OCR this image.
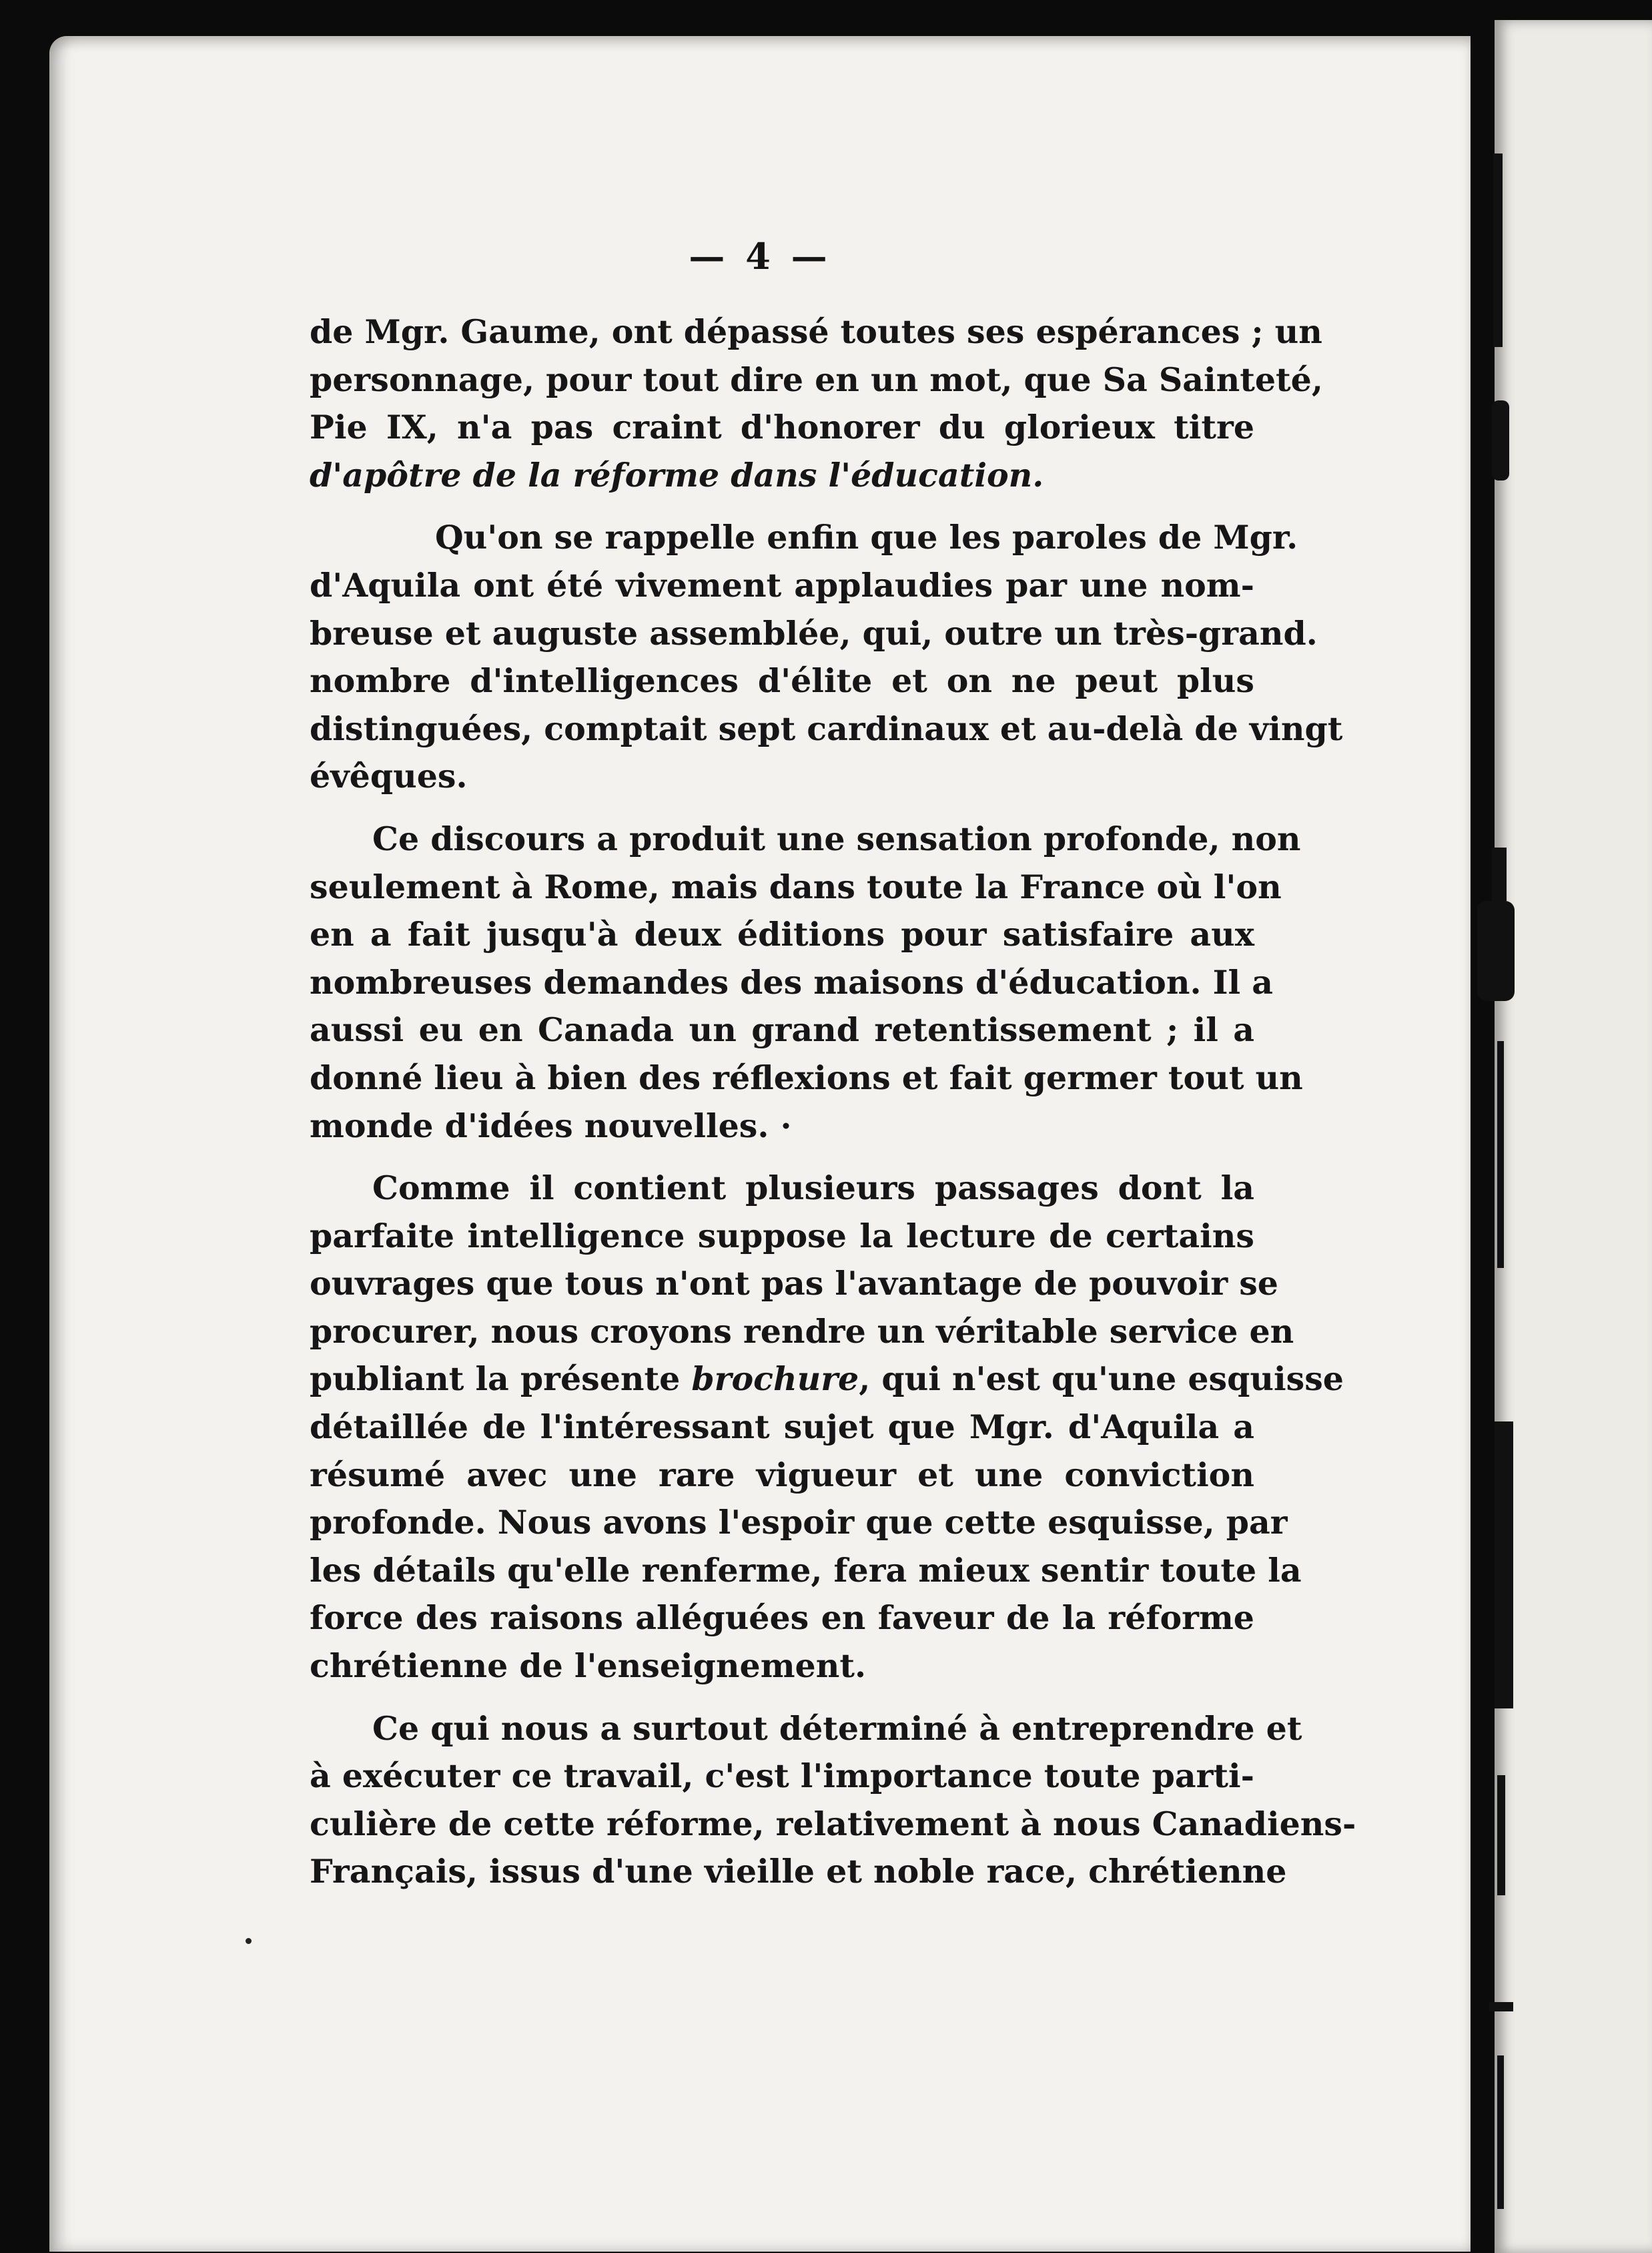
— 4 —
de Mgr. Gaume, ont dépassé toutes ses espérances ; un
personnage, pour tout dire en un mot, que Sa Sainteté,
Pie IX, n'a pas craint d'honorer du glorieux titre
d'apôtre de la réforme dans l'éducation.
Qu'on se rappelle enfin que les paroles de Mgr.
d'Aquila ont été vivement applaudies par une nom-
breuse et auguste assemblée, qui, outre un très-grand.
nombre d'intelligences d'élite et on ne peut plus
distinguées, comptait sept cardinaux et au-delà de vingt
évêques.
Ce discours a produit une sensation profonde, non
seulement à Rome, mais dans toute la France où l'on
en a fait jusqu'à deux éditions pour satisfaire aux
nombreuses demandes des maisons d'éducation. Il a
aussi eu en Canada un grand retentissement ; il a
donné lieu à bien des réflexions et fait germer tout un
monde d'idées nouvelles. ·
Comme il contient plusieurs passages dont la
parfaite intelligence suppose la lecture de certains
ouvrages que tous n'ont pas l'avantage de pouvoir se
procurer, nous croyons rendre un véritable service en
publiant la présente brochure, qui n'est qu'une esquisse
détaillée de l'intéressant sujet que Mgr. d'Aquila a
résumé avec une rare vigueur et une conviction
profonde. Nous avons l'espoir que cette esquisse, par
les détails qu'elle renferme, fera mieux sentir toute la
force des raisons alléguées en faveur de la réforme
chrétienne de l'enseignement.
Ce qui nous a surtout déterminé à entreprendre et
à exécuter ce travail, c'est l'importance toute parti-
culière de cette réforme, relativement à nous Canadiens-
Français, issus d'une vieille et noble race, chrétienne
